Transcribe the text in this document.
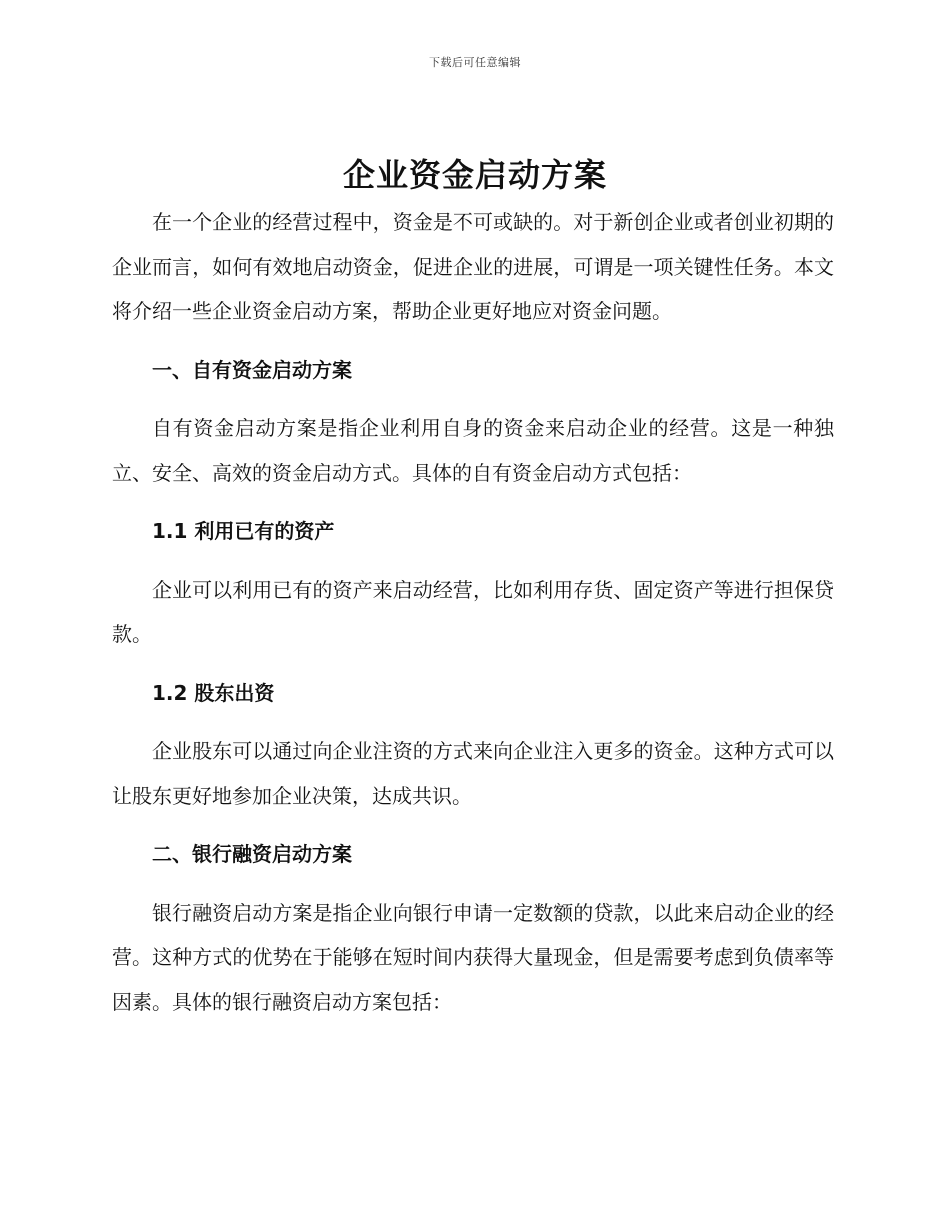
下载后可任意编辑
企业资金启动方案

在一个企业的经营过程中，资金是不可或缺的。对于新创企业或者创业初期的企业而言，如何有效地启动资金，促进企业的进展，可谓是一项关键性任务。本文将介绍一些企业资金启动方案，帮助企业更好地应对资金问题。

一、自有资金启动方案

自有资金启动方案是指企业利用自身的资金来启动企业的经营。这是一种独立、安全、高效的资金启动方式。具体的自有资金启动方式包括：

1.1 利用已有的资产

企业可以利用已有的资产来启动经营，比如利用存货、固定资产等进行担保贷款。

1.2 股东出资

企业股东可以通过向企业注资的方式来向企业注入更多的资金。这种方式可以让股东更好地参加企业决策，达成共识。

二、银行融资启动方案

银行融资启动方案是指企业向银行申请一定数额的贷款，以此来启动企业的经营。这种方式的优势在于能够在短时间内获得大量现金，但是需要考虑到负债率等因素。具体的银行融资启动方案包括：
